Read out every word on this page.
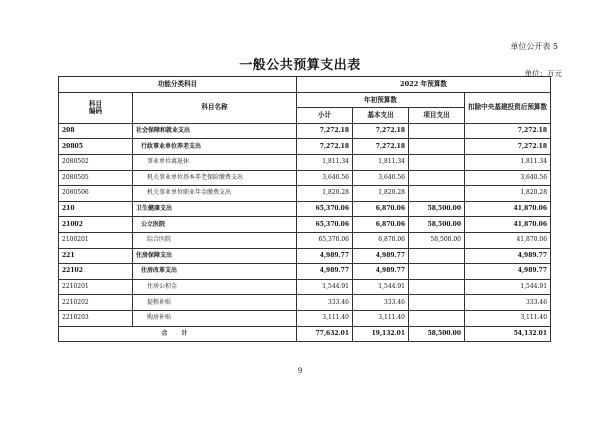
单位公开表 5
一般公共预算支出表
单位：万元
功能分类科目		2022 年预算数			
科目
编码	科目名称	年初预算数			扣除中央基建投资后预算数
		小计	基本支出	项目支出	
208	社会保障和就业支出	7,272.18	7,272.18		7,272.18
20805	行政事业单位养老支出	7,272.18	7,272.18		7,272.18
2080502	事业单位离退休	1,811.34	1,811.34		1,811.34
2080505	机关事业单位基本养老保险缴费支出	3,640.56	3,640.56		3,640.56
2080506	机关事业单位职业年金缴费支出	1,820.28	1,820.28		1,820.28
210	卫生健康支出	65,370.06	6,870.06	58,500.00	41,870.06
21002	公立医院	65,370.06	6,870.06	58,500.00	41,870.06
2100201	综合医院	65,370.06	6,870.06	58,500.00	41,870.06
221	住房保障支出	4,989.77	4,989.77		4,989.77
22102	住房改革支出	4,989.77	4,989.77		4,989.77
2210201	住房公积金	1,544.91	1,544.91		1,544.91
2210202	提租补贴	333.46	333.46		333.46
2210203	购房补贴	3,111.40	3,111.40		3,111.40
合 计		77,632.01	19,132.01	58,500.00	54,132.01
9
